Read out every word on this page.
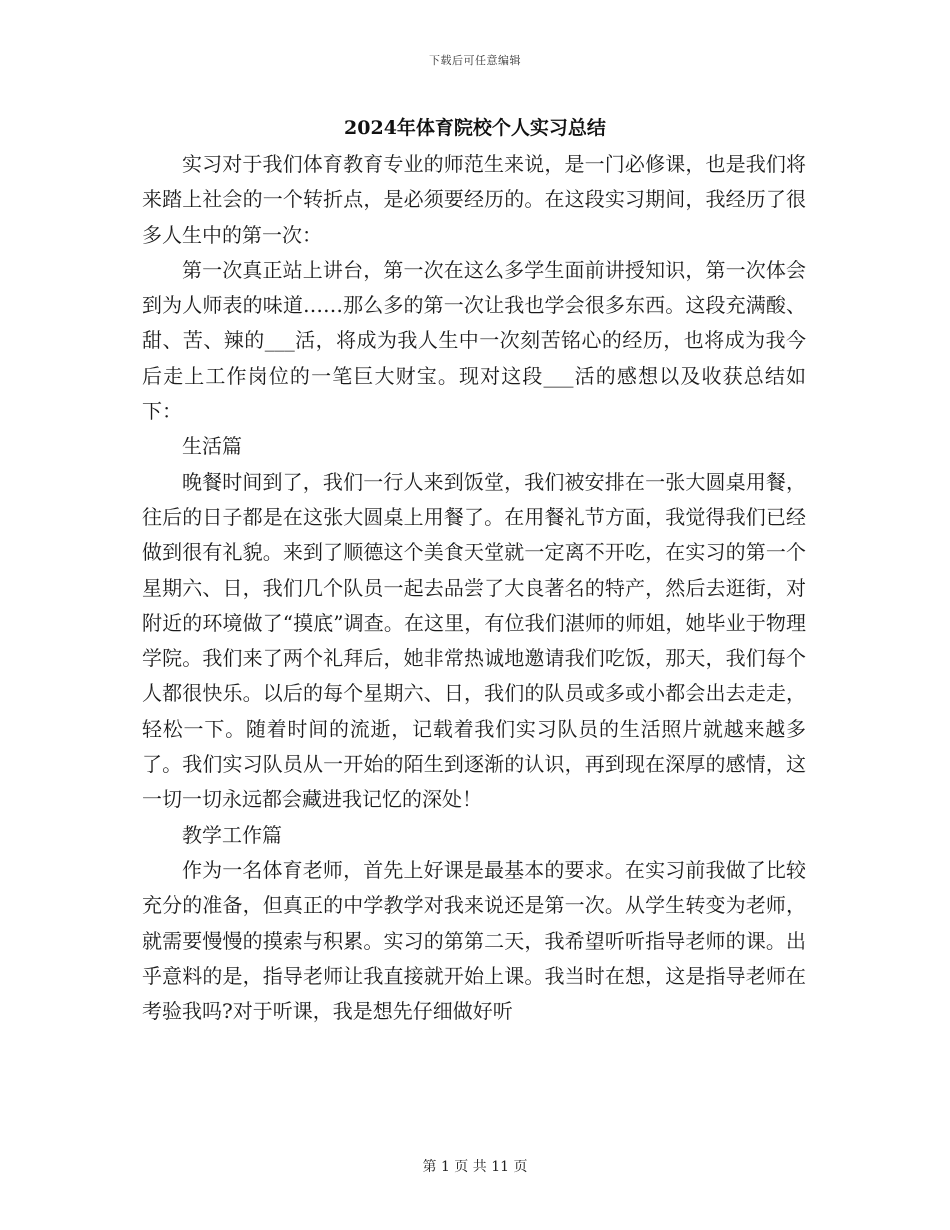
下载后可任意编辑
2024年体育院校个人实习总结

实习对于我们体育教育专业的师范生来说，是一门必修课，也是我们将来踏上社会的一个转折点，是必须要经历的。在这段实习期间，我经历了很多人生中的第一次：

第一次真正站上讲台，第一次在这么多学生面前讲授知识，第一次体会到为人师表的味道……那么多的第一次让我也学会很多东西。这段充满酸、甜、苦、辣的___活，将成为我人生中一次刻苦铭心的经历，也将成为我今后走上工作岗位的一笔巨大财宝。现对这段___活的感想以及收获总结如下：

生活篇

晚餐时间到了，我们一行人来到饭堂，我们被安排在一张大圆桌用餐，往后的日子都是在这张大圆桌上用餐了。在用餐礼节方面，我觉得我们已经做到很有礼貌。来到了顺德这个美食天堂就一定离不开吃，在实习的第一个星期六、日，我们几个队员一起去品尝了大良著名的特产，然后去逛街，对附近的环境做了“摸底”调查。在这里，有位我们湛师的师姐，她毕业于物理学院。我们来了两个礼拜后，她非常热诚地邀请我们吃饭，那天，我们每个人都很快乐。以后的每个星期六、日，我们的队员或多或小都会出去走走，轻松一下。随着时间的流逝，记载着我们实习队员的生活照片就越来越多了。我们实习队员从一开始的陌生到逐渐的认识，再到现在深厚的感情，这一切一切永远都会藏进我记忆的深处！

教学工作篇

作为一名体育老师，首先上好课是最基本的要求。在实习前我做了比较充分的准备，但真正的中学教学对我来说还是第一次。从学生转变为老师，就需要慢慢的摸索与积累。实习的第第二天，我希望听听指导老师的课。出乎意料的是，指导老师让我直接就开始上课。我当时在想，这是指导老师在考验我吗?对于听课，我是想先仔细做好听

第 1 页 共 11 页
